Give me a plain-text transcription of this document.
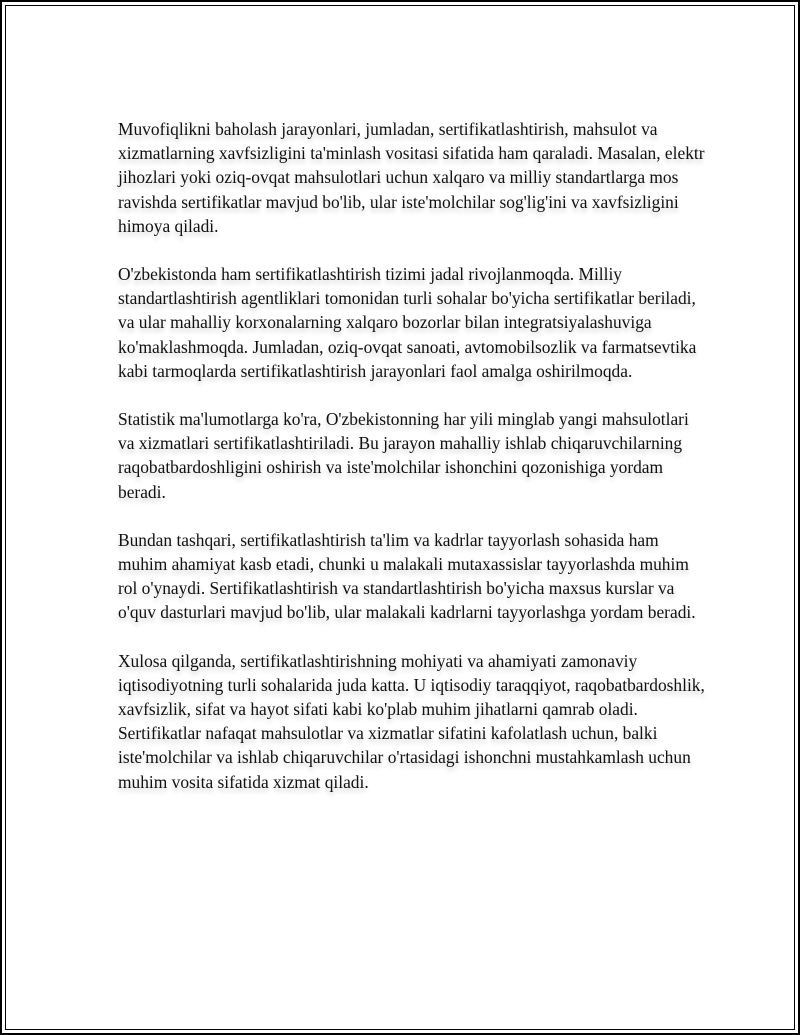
Muvofiqlikni baholash jarayonlari, jumladan, sertifikatlashtirish, mahsulot va xizmatlarning xavfsizligini ta'minlash vositasi sifatida ham qaraladi. Masalan, elektr jihozlari yoki oziq-ovqat mahsulotlari uchun xalqaro va milliy standartlarga mos ravishda sertifikatlar mavjud bo'lib, ular iste'molchilar sog'lig'ini va xavfsizligini himoya qiladi.

O'zbekistonda ham sertifikatlashtirish tizimi jadal rivojlanmoqda. Milliy standartlashtirish agentliklari tomonidan turli sohalar bo'yicha sertifikatlar beriladi, va ular mahalliy korxonalarning xalqaro bozorlar bilan integratsiyalashuviga ko'maklashmoqda. Jumladan, oziq-ovqat sanoati, avtomobilsozlik va farmatsevtika kabi tarmoqlarda sertifikatlashtirish jarayonlari faol amalga oshirilmoqda.

Statistik ma'lumotlarga ko'ra, O'zbekistonning har yili minglab yangi mahsulotlari va xizmatlari sertifikatlashtiriladi. Bu jarayon mahalliy ishlab chiqaruvchilarning raqobatbardoshligini oshirish va iste'molchilar ishonchini qozonishiga yordam beradi.

Bundan tashqari, sertifikatlashtirish ta'lim va kadrlar tayyorlash sohasida ham muhim ahamiyat kasb etadi, chunki u malakali mutaxassislar tayyorlashda muhim rol o'ynaydi. Sertifikatlashtirish va standartlashtirish bo'yicha maxsus kurslar va o'quv dasturlari mavjud bo'lib, ular malakali kadrlarni tayyorlashga yordam beradi.

Xulosa qilganda, sertifikatlashtirishning mohiyati va ahamiyati zamonaviy iqtisodiyotning turli sohalarida juda katta. U iqtisodiy taraqqiyot, raqobatbardoshlik, xavfsizlik, sifat va hayot sifati kabi ko'plab muhim jihatlarni qamrab oladi. Sertifikatlar nafaqat mahsulotlar va xizmatlar sifatini kafolatlash uchun, balki iste'molchilar va ishlab chiqaruvchilar o'rtasidagi ishonchni mustahkamlash uchun muhim vosita sifatida xizmat qiladi.
